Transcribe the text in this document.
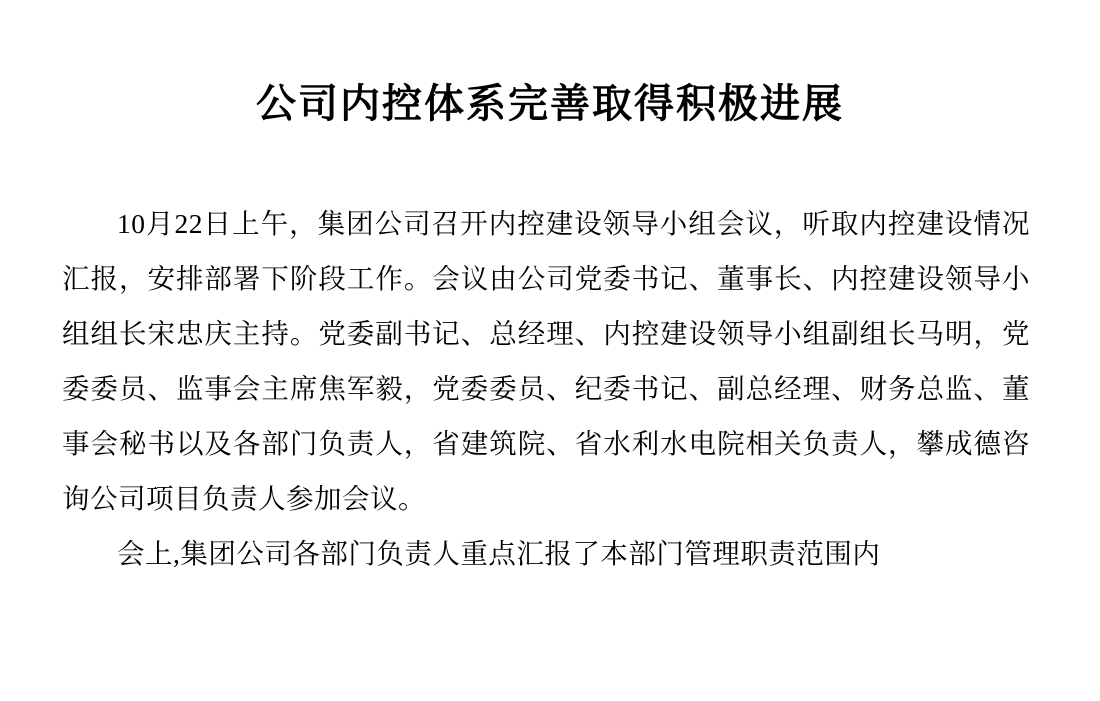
公司内控体系完善取得积极进展

10月22日上午，集团公司召开内控建设领导小组会议，听取内控建设情况汇报，安排部署下阶段工作。会议由公司党委书记、董事长、内控建设领导小组组长宋忠庆主持。党委副书记、总经理、内控建设领导小组副组长马明，党委委员、监事会主席焦军毅，党委委员、纪委书记、副总经理、财务总监、董事会秘书以及各部门负责人，省建筑院、省水利水电院相关负责人，攀成德咨询公司项目负责人参加会议。

会上,集团公司各部门负责人重点汇报了本部门管理职责范围内
